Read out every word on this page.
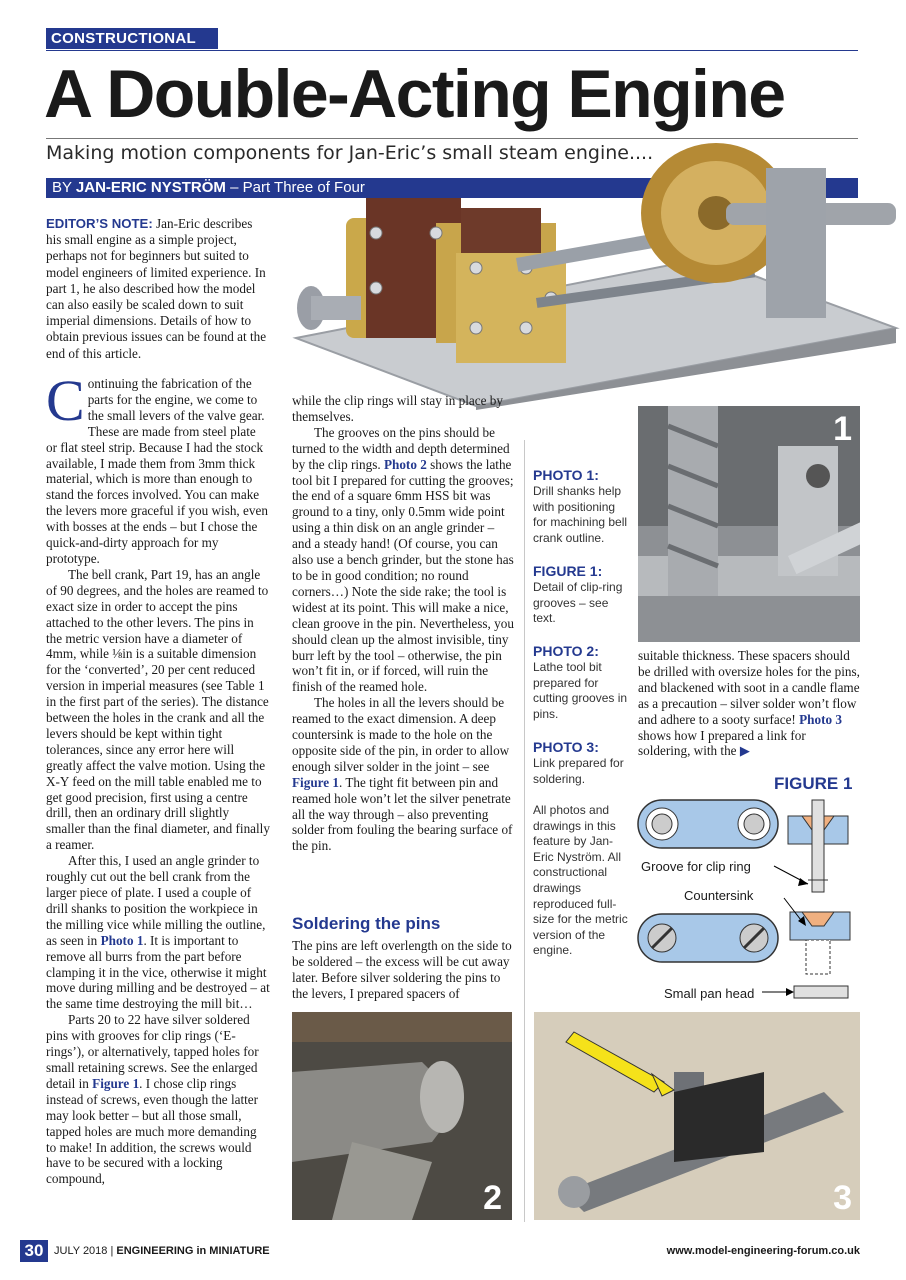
CONSTRUCTIONAL
A Double-Acting Engine
Making motion components for Jan-Eric’s small steam engine....
BY JAN-ERIC NYSTRÖM – Part Three of Four
EDITOR’S NOTE: Jan-Eric describes his small engine as a simple project, perhaps not for beginners but suited to model engineers of limited experience. In part 1, he also described how the model can also easily be scaled down to suit imperial dimensions. Details of how to obtain previous issues can be found at the end of this article.

Continuing the fabrication of the parts for the engine, we come to the small levers of the valve gear. These are made from steel plate or flat steel strip. Because I had the stock available, I made them from 3mm thick material, which is more than enough to stand the forces involved. You can make the levers more graceful if you wish, even with bosses at the ends – but I chose the quick-and-dirty approach for my prototype.

The bell crank, Part 19, has an angle of 90 degrees, and the holes are reamed to exact size in order to accept the pins attached to the other levers. The pins in the metric version have a diameter of 4mm, while ⅛in is a suitable dimension for the ‘converted’, 20 per cent reduced version in imperial measures (see Table 1 in the first part of the series). The distance between the holes in the crank and all the levers should be kept within tight tolerances, since any error here will greatly affect the valve motion. Using the X-Y feed on the mill table enabled me to get good precision, first using a centre drill, then an ordinary drill slightly smaller than the final diameter, and finally a reamer.

After this, I used an angle grinder to roughly cut out the bell crank from the larger piece of plate. I used a couple of drill shanks to position the workpiece in the milling vice while milling the outline, as seen in Photo 1. It is important to remove all burrs from the part before clamping it in the vice, otherwise it might move during milling and be destroyed – at the same time destroying the mill bit…

Parts 20 to 22 have silver soldered pins with grooves for clip rings (‘E-rings’), or alternatively, tapped holes for small retaining screws. See the enlarged detail in Figure 1. I chose clip rings instead of screws, even though the latter may look better – but all those small, tapped holes are much more demanding to make! In addition, the screws would have to be secured with a locking compound,

while the clip rings will stay in place by themselves.

The grooves on the pins should be turned to the width and depth determined by the clip rings. Photo 2 shows the lathe tool bit I prepared for cutting the grooves; the end of a square 6mm HSS bit was ground to a tiny, only 0.5mm wide point using a thin disk on an angle grinder – and a steady hand! (Of course, you can also use a bench grinder, but the stone has to be in good condition; no round corners…) Note the side rake; the tool is widest at its point. This will make a nice, clean groove in the pin. Nevertheless, you should clean up the almost invisible, tiny burr left by the tool – otherwise, the pin won’t fit in, or if forced, will ruin the finish of the reamed hole.

The holes in all the levers should be reamed to the exact dimension. A deep countersink is made to the hole on the opposite side of the pin, in order to allow enough silver solder in the joint – see Figure 1. The tight fit between pin and reamed hole won’t let the silver penetrate all the way through – also preventing solder from fouling the bearing surface of the pin.

Soldering the pins

The pins are left overlength on the side to be soldered – the excess will be cut away later. Before silver soldering the pins to the levers, I prepared spacers of

suitable thickness. These spacers should be drilled with oversize holes for the pins, and blackened with soot in a candle flame as a precaution – silver solder won’t flow and adhere to a sooty surface! Photo 3 shows how I prepared a link for soldering, with the ▶

PHOTO 1:
Drill shanks help with positioning for machining bell crank outline.
FIGURE 1:
Detail of clip-ring grooves – see text.
PHOTO 2:
Lathe tool bit prepared for cutting grooves in pins.
PHOTO 3:
Link prepared for soldering.
All photos and drawings in this feature by Jan-Eric Nyström. All constructional drawings reproduced full-size for the metric version of the engine.
1
FIGURE 1
Groove for clip ring
Countersink
Small pan head
2	3
30 JULY 2018 | ENGINEERING in MINIATURE	www.model-engineering-forum.co.uk
